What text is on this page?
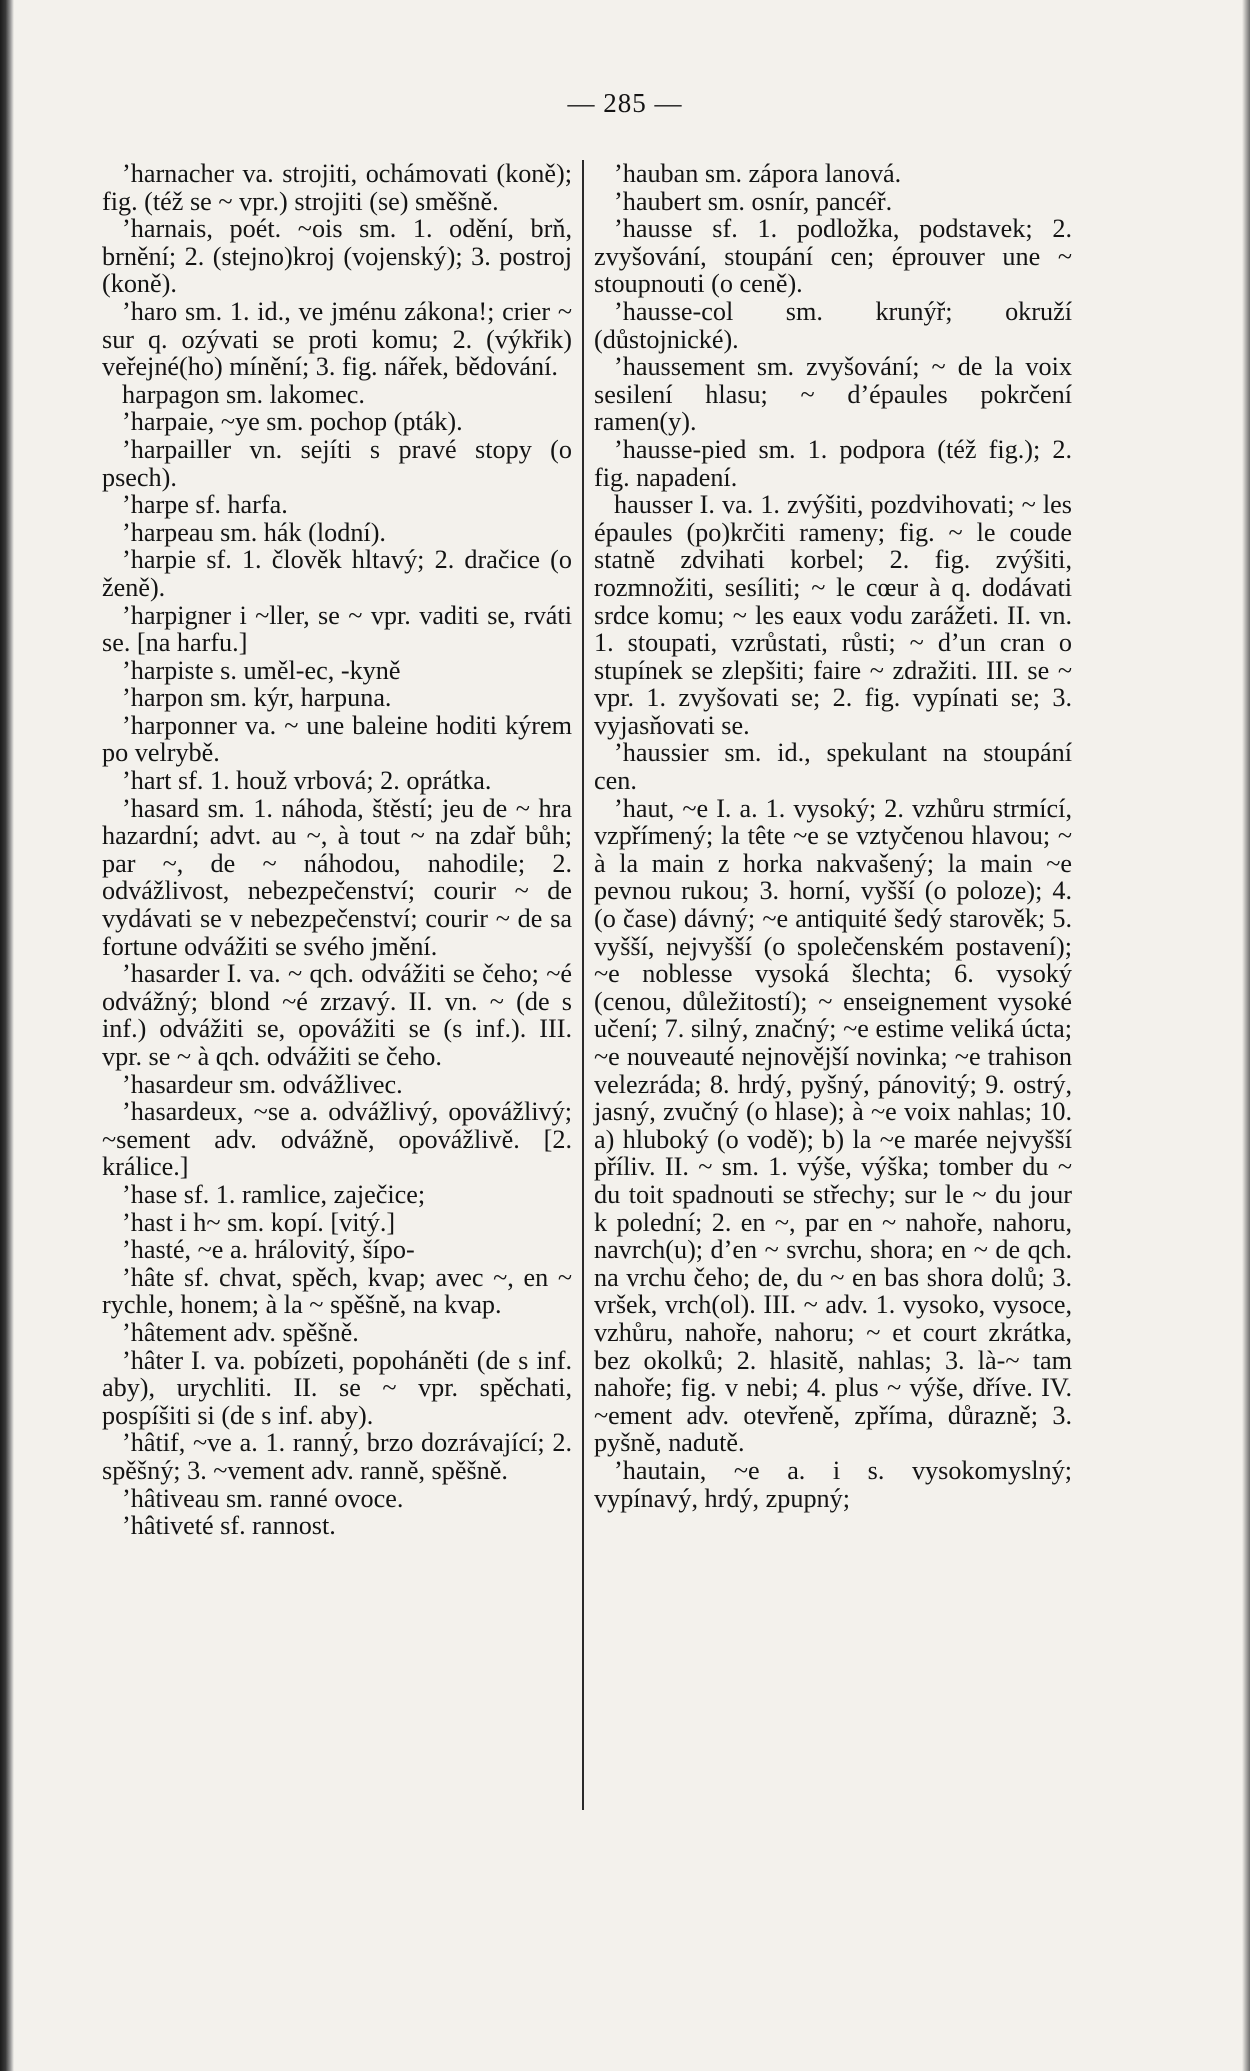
— 285 —

’harnacher va. strojiti, ochámovati (koně); fig. (též se ~ vpr.) strojiti (se) směšně.

’harnais, poét. ~ois sm. 1. odění, brň, brnění; 2. (stejno)kroj (vojenský); 3. postroj (koně).

’haro sm. 1. id., ve jménu zákona!; crier ~ sur q. ozývati se proti komu; 2. (výkřik) veřejné(ho) mínění; 3. fig. nářek, bědování.

harpagon sm. lakomec.

’harpaie, ~ye sm. pochop (pták).

’harpailler vn. sejíti s pravé stopy (o psech).

’harpe sf. harfa.

’harpeau sm. hák (lodní).

’harpie sf. 1. člověk hltavý; 2. dračice (o ženě).

’harpigner i ~ller, se ~ vpr. vaditi se, rváti se. [na harfu.]

’harpiste s. uměl-ec, -kyně

’harpon sm. kýr, harpuna.

’harponner va. ~ une baleine hoditi kýrem po velrybě.

’hart sf. 1. houž vrbová; 2. oprátka.

’hasard sm. 1. náhoda, štěstí; jeu de ~ hra hazardní; advt. au ~, à tout ~ na zdař bůh; par ~, de ~ náhodou, nahodile; 2. odvážlivost, nebezpečenství; courir ~ de vydávati se v nebezpečenství; courir ~ de sa fortune odvážiti se svého jmění.

’hasarder I. va. ~ qch. odvážiti se čeho; ~é odvážný; blond ~é zrzavý. II. vn. ~ (de s inf.) odvážiti se, opovážiti se (s inf.). III. vpr. se ~ à qch. odvážiti se čeho.

’hasardeur sm. odvážlivec.

’hasardeux, ~se a. odvážlivý, opovážlivý; ~sement adv. odvážně, opovážlivě. [2. králice.]

’hase sf. 1. ramlice, zaječice;

’hast i h~ sm. kopí. [vitý.]

’hasté, ~e a. hrálovitý, šípo-

’hâte sf. chvat, spěch, kvap; avec ~, en ~ rychle, honem; à la ~ spěšně, na kvap.

’hâtement adv. spěšně.

’hâter I. va. pobízeti, popoháněti (de s inf. aby), urychliti. II. se ~ vpr. spěchati, pospíšiti si (de s inf. aby).

’hâtif, ~ve a. 1. ranný, brzo dozrávající; 2. spěšný; 3. ~vement adv. ranně, spěšně.

’hâtiveau sm. ranné ovoce.

’hâtiveté sf. rannost.

’hauban sm. zápora lanová.

’haubert sm. osnír, pancéř.

’hausse sf. 1. podložka, podstavek; 2. zvyšování, stoupání cen; éprouver une ~ stoupnouti (o ceně).

’hausse-col sm. krunýř; okruží (důstojnické).

’haussement sm. zvyšování; ~ de la voix sesilení hlasu; ~ d’épaules pokrčení ramen(y).

’hausse-pied sm. 1. podpora (též fig.); 2. fig. napadení.

hausser I. va. 1. zvýšiti, pozdvihovati; ~ les épaules (po)krčiti rameny; fig. ~ le coude statně zdvihati korbel; 2. fig. zvýšiti, rozmnožiti, sesíliti; ~ le cœur à q. dodávati srdce komu; ~ les eaux vodu zarážeti. II. vn. 1. stoupati, vzrůstati, růsti; ~ d’un cran o stupínek se zlepšiti; faire ~ zdražiti. III. se ~ vpr. 1. zvyšovati se; 2. fig. vypínati se; 3. vyjasňovati se.

’haussier sm. id., spekulant na stoupání cen.

’haut, ~e I. a. 1. vysoký; 2. vzhůru strmící, vzpřímený; la tête ~e se vztyčenou hlavou; ~ à la main z horka nakvašený; la main ~e pevnou rukou; 3. horní, vyšší (o poloze); 4. (o čase) dávný; ~e antiquité šedý starověk; 5. vyšší, nejvyšší (o společenském postavení); ~e noblesse vysoká šlechta; 6. vysoký (cenou, důležitostí); ~ enseignement vysoké učení; 7. silný, značný; ~e estime veliká úcta; ~e nouveauté nejnovější novinka; ~e trahison velezráda; 8. hrdý, pyšný, pánovitý; 9. ostrý, jasný, zvučný (o hlase); à ~e voix nahlas; 10. a) hluboký (o vodě); b) la ~e marée nejvyšší příliv. II. ~ sm. 1. výše, výška; tomber du ~ du toit spadnouti se střechy; sur le ~ du jour k polední; 2. en ~, par en ~ nahoře, nahoru, navrch(u); d’en ~ svrchu, shora; en ~ de qch. na vrchu čeho; de, du ~ en bas shora dolů; 3. vršek, vrch(ol). III. ~ adv. 1. vysoko, vysoce, vzhůru, nahoře, nahoru; ~ et court zkrátka, bez okolků; 2. hlasitě, nahlas; 3. là-~ tam nahoře; fig. v nebi; 4. plus ~ výše, dříve. IV. ~ement adv. otevřeně, zpříma, důrazně; 3. pyšně, nadutě.

’hautain, ~e a. i s. vysokomyslný; vypínavý, hrdý, zpupný;
